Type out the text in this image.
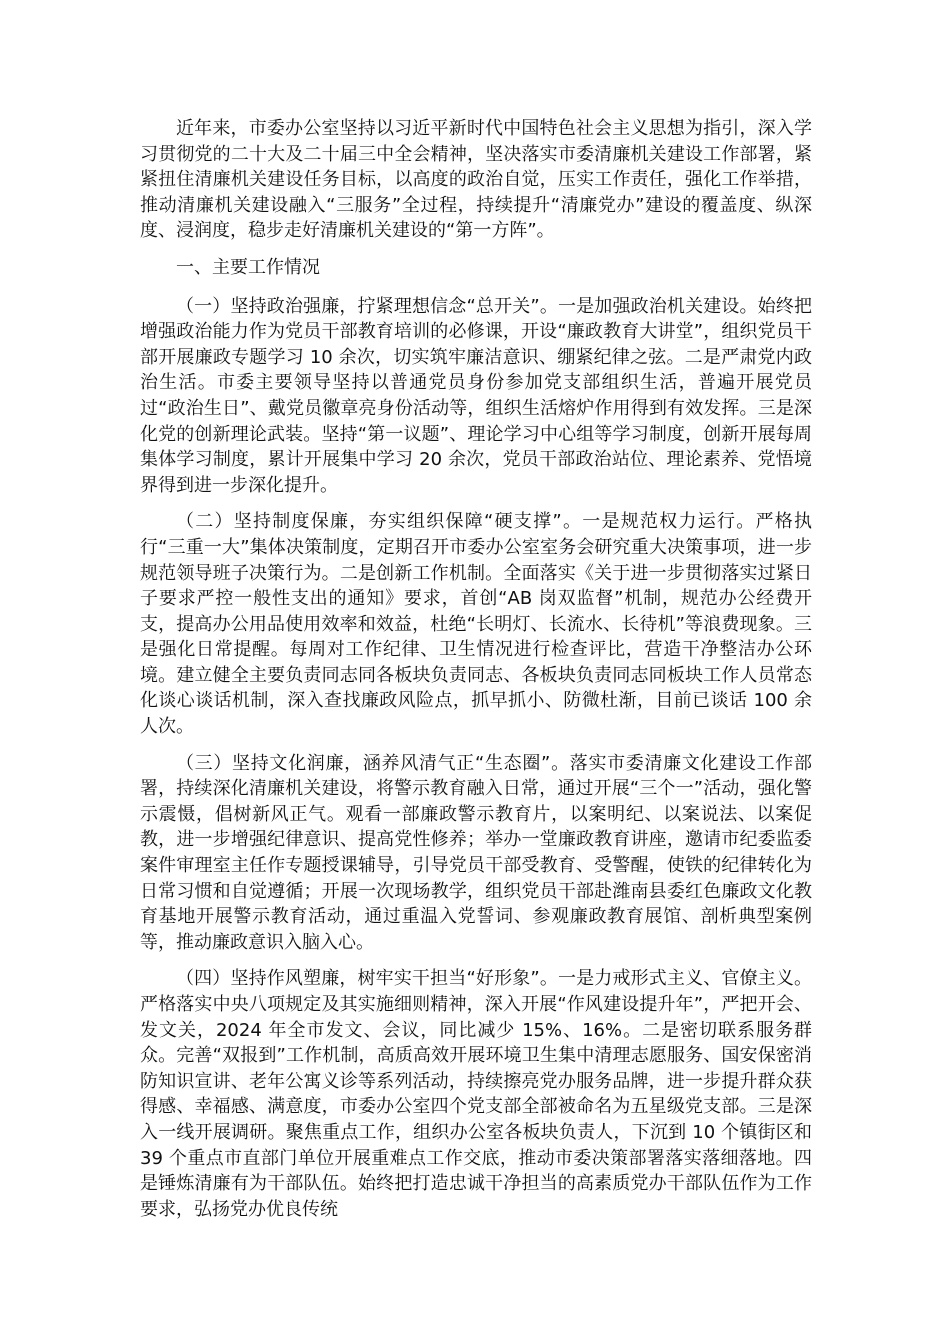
近年来，市委办公室坚持以习近平新时代中国特色社会主义思想为指引，深入学习贯彻党的二十大及二十届三中全会精神，坚决落实市委清廉机关建设工作部署，紧紧扭住清廉机关建设任务目标，以高度的政治自觉，压实工作责任，强化工作举措，推动清廉机关建设融入“三服务”全过程，持续提升“清廉党办”建设的覆盖度、纵深度、浸润度，稳步走好清廉机关建设的“第一方阵”。

一、主要工作情况

（一）坚持政治强廉，拧紧理想信念“总开关”。一是加强政治机关建设。始终把增强政治能力作为党员干部教育培训的必修课，开设“廉政教育大讲堂”，组织党员干部开展廉政专题学习 10 余次，切实筑牢廉洁意识、绷紧纪律之弦。二是严肃党内政治生活。市委主要领导坚持以普通党员身份参加党支部组织生活，普遍开展党员过“政治生日”、戴党员徽章亮身份活动等，组织生活熔炉作用得到有效发挥。三是深化党的创新理论武装。坚持“第一议题”、理论学习中心组等学习制度，创新开展每周集体学习制度，累计开展集中学习 20 余次，党员干部政治站位、理论素养、党悟境界得到进一步深化提升。

（二）坚持制度保廉，夯实组织保障“硬支撑”。一是规范权力运行。严格执行“三重一大”集体决策制度，定期召开市委办公室室务会研究重大决策事项，进一步规范领导班子决策行为。二是创新工作机制。全面落实《关于进一步贯彻落实过紧日子要求严控一般性支出的通知》要求，首创“AB 岗双监督”机制，规范办公经费开支，提高办公用品使用效率和效益，杜绝“长明灯、长流水、长待机”等浪费现象。三是强化日常提醒。每周对工作纪律、卫生情况进行检查评比，营造干净整洁办公环境。建立健全主要负责同志同各板块负责同志、各板块负责同志同板块工作人员常态化谈心谈话机制，深入查找廉政风险点，抓早抓小、防微杜渐，目前已谈话 100 余人次。

（三）坚持文化润廉，涵养风清气正“生态圈”。落实市委清廉文化建设工作部署，持续深化清廉机关建设，将警示教育融入日常，通过开展“三个一”活动，强化警示震慑，倡树新风正气。观看一部廉政警示教育片，以案明纪、以案说法、以案促教，进一步增强纪律意识、提高党性修养；举办一堂廉政教育讲座，邀请市纪委监委案件审理室主任作专题授课辅导，引导党员干部受教育、受警醒，使铁的纪律转化为日常习惯和自觉遵循；开展一次现场教学，组织党员干部赴潍南县委红色廉政文化教育基地开展警示教育活动，通过重温入党誓词、参观廉政教育展馆、剖析典型案例等，推动廉政意识入脑入心。

（四）坚持作风塑廉，树牢实干担当“好形象”。一是力戒形式主义、官僚主义。严格落实中央八项规定及其实施细则精神，深入开展“作风建设提升年”，严把开会、发文关，2024 年全市发文、会议，同比减少 15%、16%。二是密切联系服务群众。完善“双报到”工作机制，高质高效开展环境卫生集中清理志愿服务、国安保密消防知识宣讲、老年公寓义诊等系列活动，持续擦亮党办服务品牌，进一步提升群众获得感、幸福感、满意度，市委办公室四个党支部全部被命名为五星级党支部。三是深入一线开展调研。聚焦重点工作，组织办公室各板块负责人，下沉到 10 个镇街区和 39 个重点市直部门单位开展重难点工作交底，推动市委决策部署落实落细落地。四是锤炼清廉有为干部队伍。始终把打造忠诚干净担当的高素质党办干部队伍作为工作要求，弘扬党办优良传统
